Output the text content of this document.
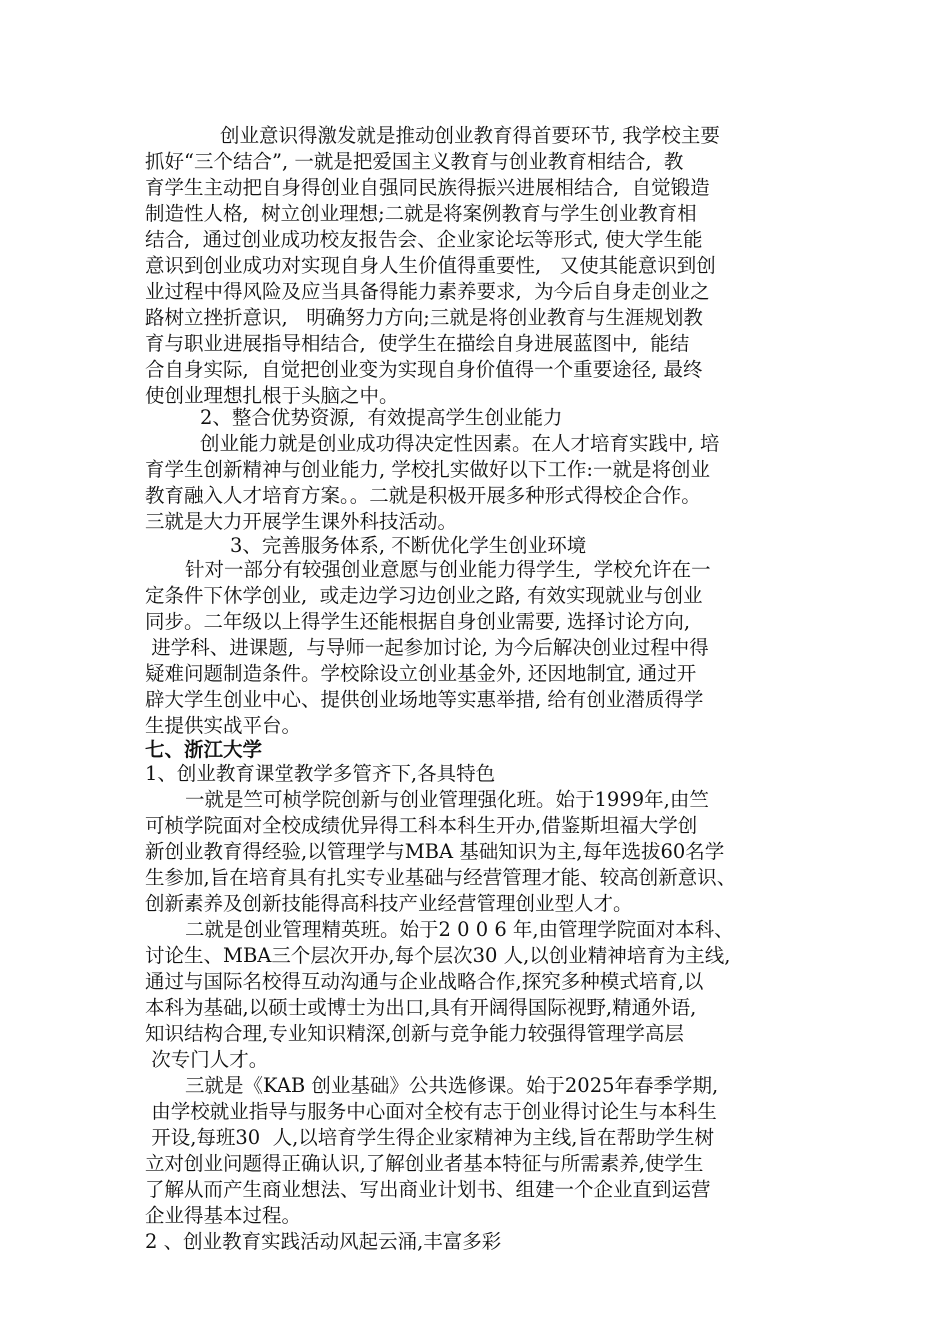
创业意识得激发就是推动创业教育得首要环节, 我学校主要
抓好“三个结合”, 一就是把爱国主义教育与创业教育相结合,  教
育学生主动把自身得创业自强同民族得振兴进展相结合,  自觉锻造
制造性人格,  树立创业理想;二就是将案例教育与学生创业教育相
结合,  通过创业成功校友报告会、企业家论坛等形式, 使大学生能
意识到创业成功对实现自身人生价值得重要性,   又使其能意识到创
业过程中得风险及应当具备得能力素养要求,  为今后自身走创业之
路树立挫折意识,   明确努力方向;三就是将创业教育与生涯规划教
育与职业进展指导相结合,  使学生在描绘自身进展蓝图中,  能结
合自身实际,  自觉把创业变为实现自身价值得一个重要途径, 最终
使创业理想扎根于头脑之中。
2、整合优势资源,  有效提高学生创业能力
创业能力就是创业成功得决定性因素。在人才培育实践中, 培
育学生创新精神与创业能力, 学校扎实做好以下工作:一就是将创业
教育融入人才培育方案。。二就是积极开展多种形式得校企合作。
三就是大力开展学生课外科技活动。
3、完善服务体系, 不断优化学生创业环境
针对一部分有较强创业意愿与创业能力得学生,  学校允许在一
定条件下休学创业,  或走边学习边创业之路, 有效实现就业与创业
同步。二年级以上得学生还能根据自身创业需要, 选择讨论方向,
进学科、进课题,  与导师一起参加讨论, 为今后解决创业过程中得
疑难问题制造条件。学校除设立创业基金外, 还因地制宜, 通过开
辟大学生创业中心、提供创业场地等实惠举措, 给有创业潜质得学
生提供实战平台。
七、浙江大学
1、创业教育课堂教学多管齐下,各具特色
一就是竺可桢学院创新与创业管理强化班。始于1999年,由竺
可桢学院面对全校成绩优异得工科本科生开办,借鉴斯坦福大学创
新创业教育得经验,以管理学与MBA 基础知识为主,每年选拔60名学
生参加,旨在培育具有扎实专业基础与经营管理才能、较高创新意识、
创新素养及创新技能得高科技产业经营管理创业型人才。
二就是创业管理精英班。始于2 0 0 6 年,由管理学院面对本科、
讨论生、MBA三个层次开办,每个层次30 人,以创业精神培育为主线,
通过与国际名校得互动沟通与企业战略合作,探究多种模式培育,以
本科为基础,以硕士或博士为出口,具有开阔得国际视野,精通外语,
知识结构合理,专业知识精深,创新与竞争能力较强得管理学高层
次专门人才。
三就是《KAB 创业基础》公共选修课。始于2025年春季学期,
由学校就业指导与服务中心面对全校有志于创业得讨论生与本科生
开设,每班30  人,以培育学生得企业家精神为主线,旨在帮助学生树
立对创业问题得正确认识,了解创业者基本特征与所需素养,使学生
了解从而产生商业想法、写出商业计划书、组建一个企业直到运营
企业得基本过程。
2 、创业教育实践活动风起云涌,丰富多彩
